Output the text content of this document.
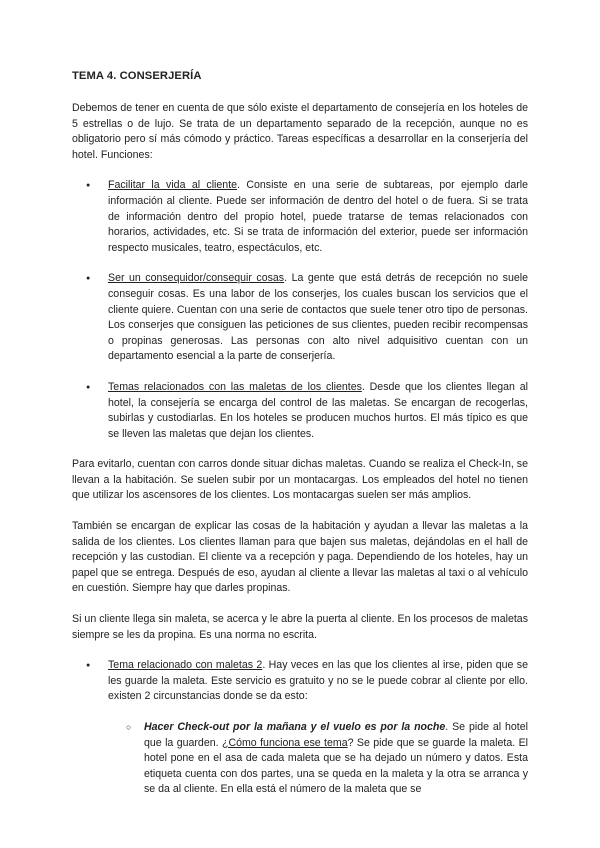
TEMA 4. CONSERJERÍA

Debemos de tener en cuenta de que sólo existe el departamento de consejería en los hoteles de 5 estrellas o de lujo. Se trata de un departamento separado de la recepción, aunque no es obligatorio pero sí más cómodo y práctico. Tareas específicas a desarrollar en la conserjería del hotel. Funciones:

● Facilitar la vida al cliente. Consiste en una serie de subtareas, por ejemplo darle información al cliente. Puede ser información de dentro del hotel o de fuera. Si se trata de información dentro del propio hotel, puede tratarse de temas relacionados con horarios, actividades, etc. Si se trata de información del exterior, puede ser información respecto musicales, teatro, espectáculos, etc.

● Ser un consequidor/consequir cosas. La gente que está detrás de recepción no suele conseguir cosas. Es una labor de los conserjes, los cuales buscan los servicios que el cliente quiere. Cuentan con una serie de contactos que suele tener otro tipo de personas. Los conserjes que consiguen las peticiones de sus clientes, pueden recibir recompensas o propinas generosas. Las personas con alto nivel adquisitivo cuentan con un departamento esencial a la parte de conserjería.

● Temas relacionados con las maletas de los clientes. Desde que los clientes llegan al hotel, la consejería se encarga del control de las maletas. Se encargan de recogerlas, subirlas y custodiarlas. En los hoteles se producen muchos hurtos. El más típico es que se lleven las maletas que dejan los clientes.

Para evitarlo, cuentan con carros donde situar dichas maletas. Cuando se realiza el Check-In, se llevan a la habitación. Se suelen subir por un montacargas. Los empleados del hotel no tienen que utilizar los ascensores de los clientes. Los montacargas suelen ser más amplios.

También se encargan de explicar las cosas de la habitación y ayudan a llevar las maletas a la salida de los clientes. Los clientes llaman para que bajen sus maletas, dejándolas en el hall de recepción y las custodian. El cliente va a recepción y paga. Dependiendo de los hoteles, hay un papel que se entrega. Después de eso, ayudan al cliente a llevar las maletas al taxi o al vehículo en cuestión. Siempre hay que darles propinas.

Si un cliente llega sin maleta, se acerca y le abre la puerta al cliente. En los procesos de maletas siempre se les da propina. Es una norma no escrita.

● Tema relacionado con maletas 2. Hay veces en las que los clientes al irse, piden que se les guarde la maleta. Este servicio es gratuito y no se le puede cobrar al cliente por ello. existen 2 circunstancias donde se da esto:

○ Hacer Check-out por la mañana y el vuelo es por la noche. Se pide al hotel que la guarden. ¿Cómo funciona ese tema? Se pide que se guarde la maleta. El hotel pone en el asa de cada maleta que se ha dejado un número y datos. Esta etiqueta cuenta con dos partes, una se queda en la maleta y la otra se arranca y se da al cliente. En ella está el número de la maleta que se
